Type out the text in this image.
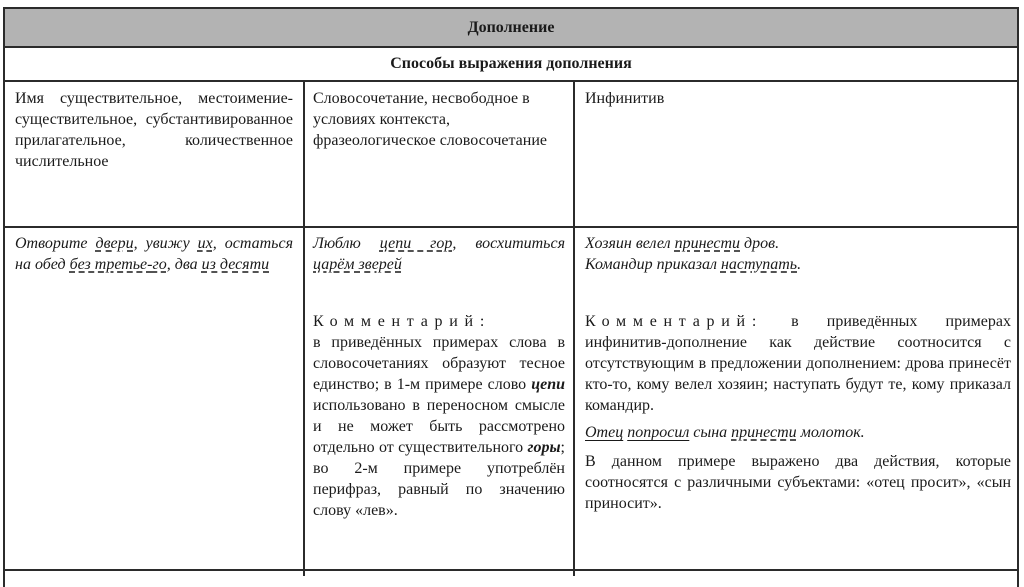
Дополнение
Способы выражения дополнения
Имя существительное, местоимение-существительное, субстантивированное прилагательное, количественное числительное
Словосочетание, несвободное в условиях контекста, фразеологическое словосочетание
Инфинитив
Отворите двери, увижу их, остаться на обед без третье-го, два из десяти
Люблю цепи гор, восхититься царём зверей

Комментарий:

в приведённых примерах слова в словосочетаниях образуют тесное единство; в 1-м примере слово цепи использовано в переносном смысле и не может быть рассмотрено отдельно от существительного горы; во 2-м примере употреблён перифраз, равный по значению слову «лев».

Хозяин велел принести дров.

Командир приказал наступать.

Комментарий: в приведённых примерах инфинитив-дополнение как действие соотносится с отсутствующим в предложении дополнением: дрова принесёт кто-то, кому велел хозяин; наступать будут те, кому приказал командир.

Отец попросил сына принести молоток.

В данном примере выражено два действия, которые соотносятся с различными субъектами: «отец просит», «сын приносит».
